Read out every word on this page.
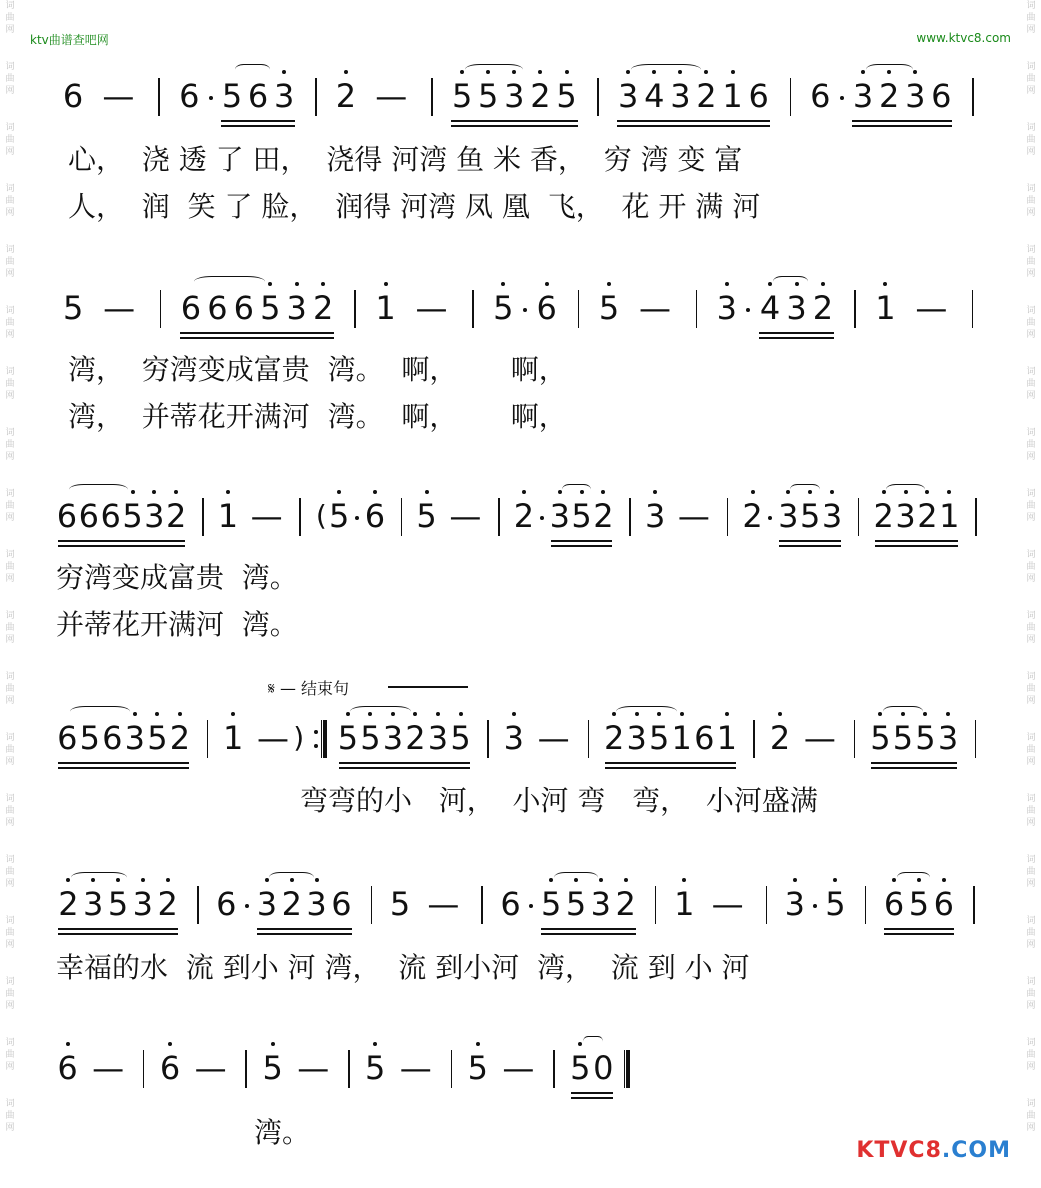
词
曲
网
词
曲
网
词
曲
网
词
曲
网
词
曲
网
词
曲
网
词
曲
网
词
曲
网
词
曲
网
词
曲
网
词
曲
网
词
曲
网
词
曲
网
词
曲
网
词
曲
网
词
曲
网
词
曲
网
词
曲
网
词
曲
网
词
曲
网
词
曲
网
词
曲
网
词
曲
网
词
曲
网
词
曲
网
词
曲
网
词
曲
网
词
曲
网
词
曲
网
词
曲
网
词
曲
网
词
曲
网
词
曲
网
词
曲
网
词
曲
网
词
曲
网
词
曲
网
词
曲
网
ktv曲谱查吧网	www.ktvc8.com
KTVC8.COM
𝄋 — 结束句
6 — 6 5 6 3 2 — 5 5 3 2 5 3 4 3 2 1 6 6 3 2 3 6
心，  浇 透 了 田，  浇得 河湾 鱼 米 香，  穷 湾 变 富
人，  润  笑 了 脸，  润得 河湾 凤 凰  飞，  花 开 满 河
5 — 6 6 6 5 3 2 1 — 5 6 5 — 3 4 3 2 1 —
湾，  穷湾变成富贵  湾。  啊，      啊，
湾，  并蒂花开满河  湾。  啊，      啊，
6 6 6 5 3 2 1 — ( 5 6 5 — 2 3 5 2 3 — 2 3 5 3 2 3 2 1
穷湾变成富贵  湾。
并蒂花开满河  湾。
6 5 6 3 5 2 1 — ) 5 5 3 2 3 5 3 — 2 3 5 1 6 1 2 — 5 5 5 3
弯弯的小   河，  小河 弯   弯，  小河盛满
2 3 5 3 2 6 3 2 3 6 5 — 6 5 5 3 2 1 — 3 5 6 5 6
幸福的水  流 到小 河 湾，  流 到小河  湾，  流 到 小 河
6 — 6 — 5 — 5 — 5 — 5 0
湾。
